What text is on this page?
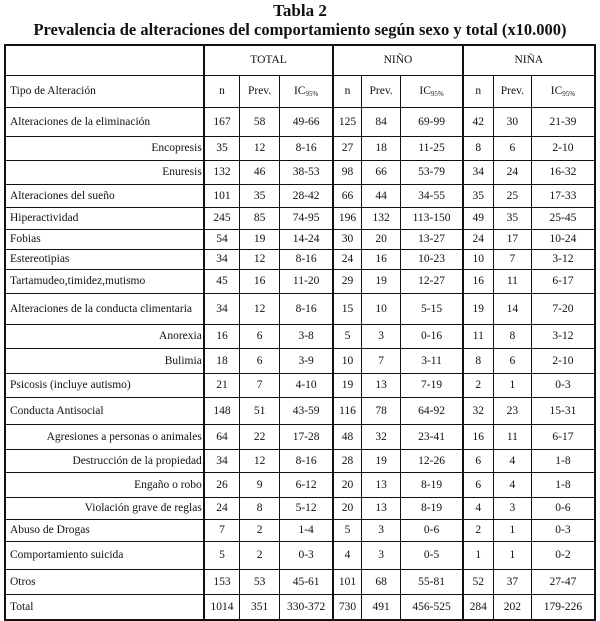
Tabla 2
Prevalencia de alteraciones del comportamiento según sexo y total (x10.000)
	TOTAL			NIÑO			NIÑA		
Tipo de Alteración	n	Prev.	$IC_{95\%}$	n	Prev.	$IC_{95\%}$	n	Prev.	$IC_{95\%}$
Alteraciones de la eliminación	167	58	49-66	125	84	69-99	42	30	21-39
Encopresis	35	12	8-16	27	18	11-25	8	6	2-10
Enuresis	132	46	38-53	98	66	53-79	34	24	16-32
Alteraciones del sueño	101	35	28-42	66	44	34-55	35	25	17-33
Hiperactividad	245	85	74-95	196	132	113-150	49	35	25-45
Fobias	54	19	14-24	30	20	13-27	24	17	10-24
Estereotipias	34	12	8-16	24	16	10-23	10	7	3-12
Tartamudeo,timidez,mutismo	45	16	11-20	29	19	12-27	16	11	6-17
Alteraciones de la conducta climentaria	34	12	8-16	15	10	5-15	19	14	7-20
Anorexia	16	6	3-8	5	3	0-16	11	8	3-12
Bulimia	18	6	3-9	10	7	3-11	8	6	2-10
Psicosis (incluye autismo)	21	7	4-10	19	13	7-19	2	1	0-3
Conducta Antisocial	148	51	43-59	116	78	64-92	32	23	15-31
Agresiones a personas o animales	64	22	17-28	48	32	23-41	16	11	6-17
Destrucción de la propiedad	34	12	8-16	28	19	12-26	6	4	1-8
Engaño o robo	26	9	6-12	20	13	8-19	6	4	1-8
Violación grave de reglas	24	8	5-12	20	13	8-19	4	3	0-6
Abuso de Drogas	7	2	1-4	5	3	0-6	2	1	0-3
Comportamiento suicida	5	2	0-3	4	3	0-5	1	1	0-2
Otros	153	53	45-61	101	68	55-81	52	37	27-47
Total	1014	351	330-372	730	491	456-525	284	202	179-226
